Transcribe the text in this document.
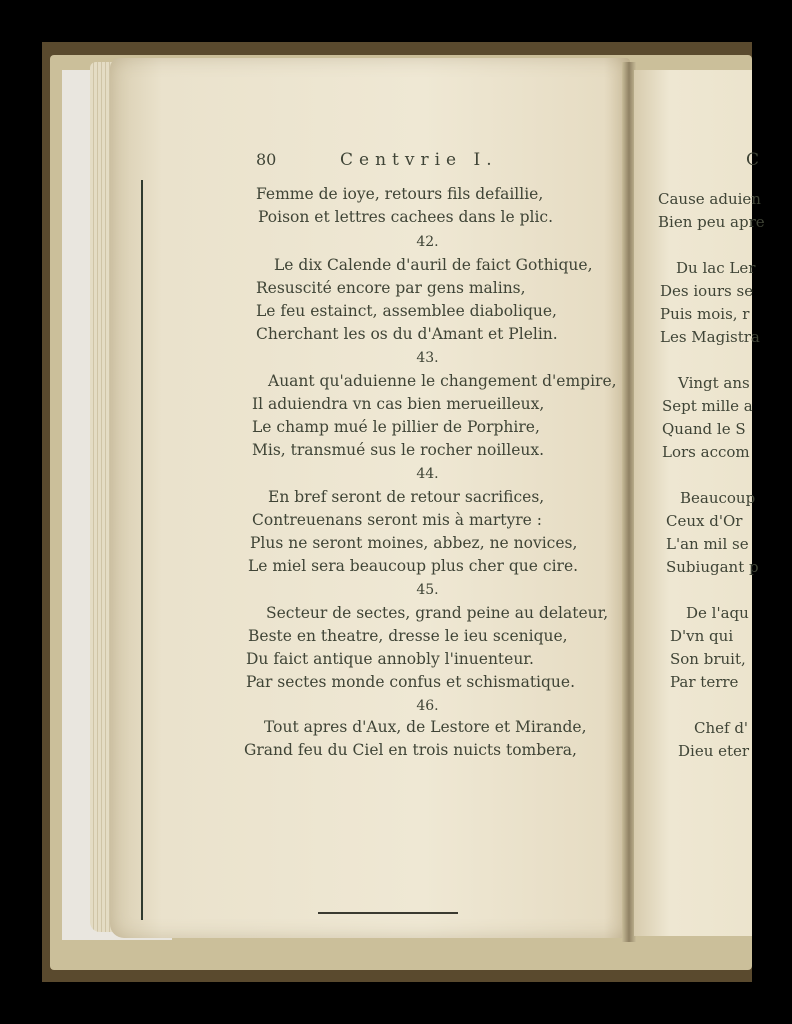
80	Centvrie I.
Femme de ioye, retours fils defaillie,
Poison et lettres cachees dans le plic.
42.
Le dix Calende d'auril de faict Gothique,
Resuscité encore par gens malins,
Le feu estainct, assemblee diabolique,
Cherchant les os du d'Amant et Plelin.
43.
Auant qu'aduienne le changement d'empire,
Il aduiendra vn cas bien merueilleux,
Le champ mué le pillier de Porphire,
Mis, transmué sus le rocher noilleux.
44.
En bref seront de retour sacrifices,
Contreuenans seront mis à martyre :
Plus ne seront moines, abbez, ne novices,
Le miel sera beaucoup plus cher que cire.
45.
Secteur de sectes, grand peine au delateur,
Beste en theatre, dresse le ieu scenique,
Du faict antique annobly l'inuenteur.
Par sectes monde confus et schismatique.
46.
Tout apres d'Aux, de Lestore et Mirande,
Grand feu du Ciel en trois nuicts tombera,
C
Cause aduien
Bien peu apre
Du lac Ler
Des iours se
Puis mois, r
Les Magistra
Vingt ans
Sept mille a
Quand le S
Lors accom
Beaucoup
Ceux d'Or
L'an mil se
Subiugant p
De l'aqu
D'vn qui
Son bruit,
Par terre
Chef d'
Dieu eter
